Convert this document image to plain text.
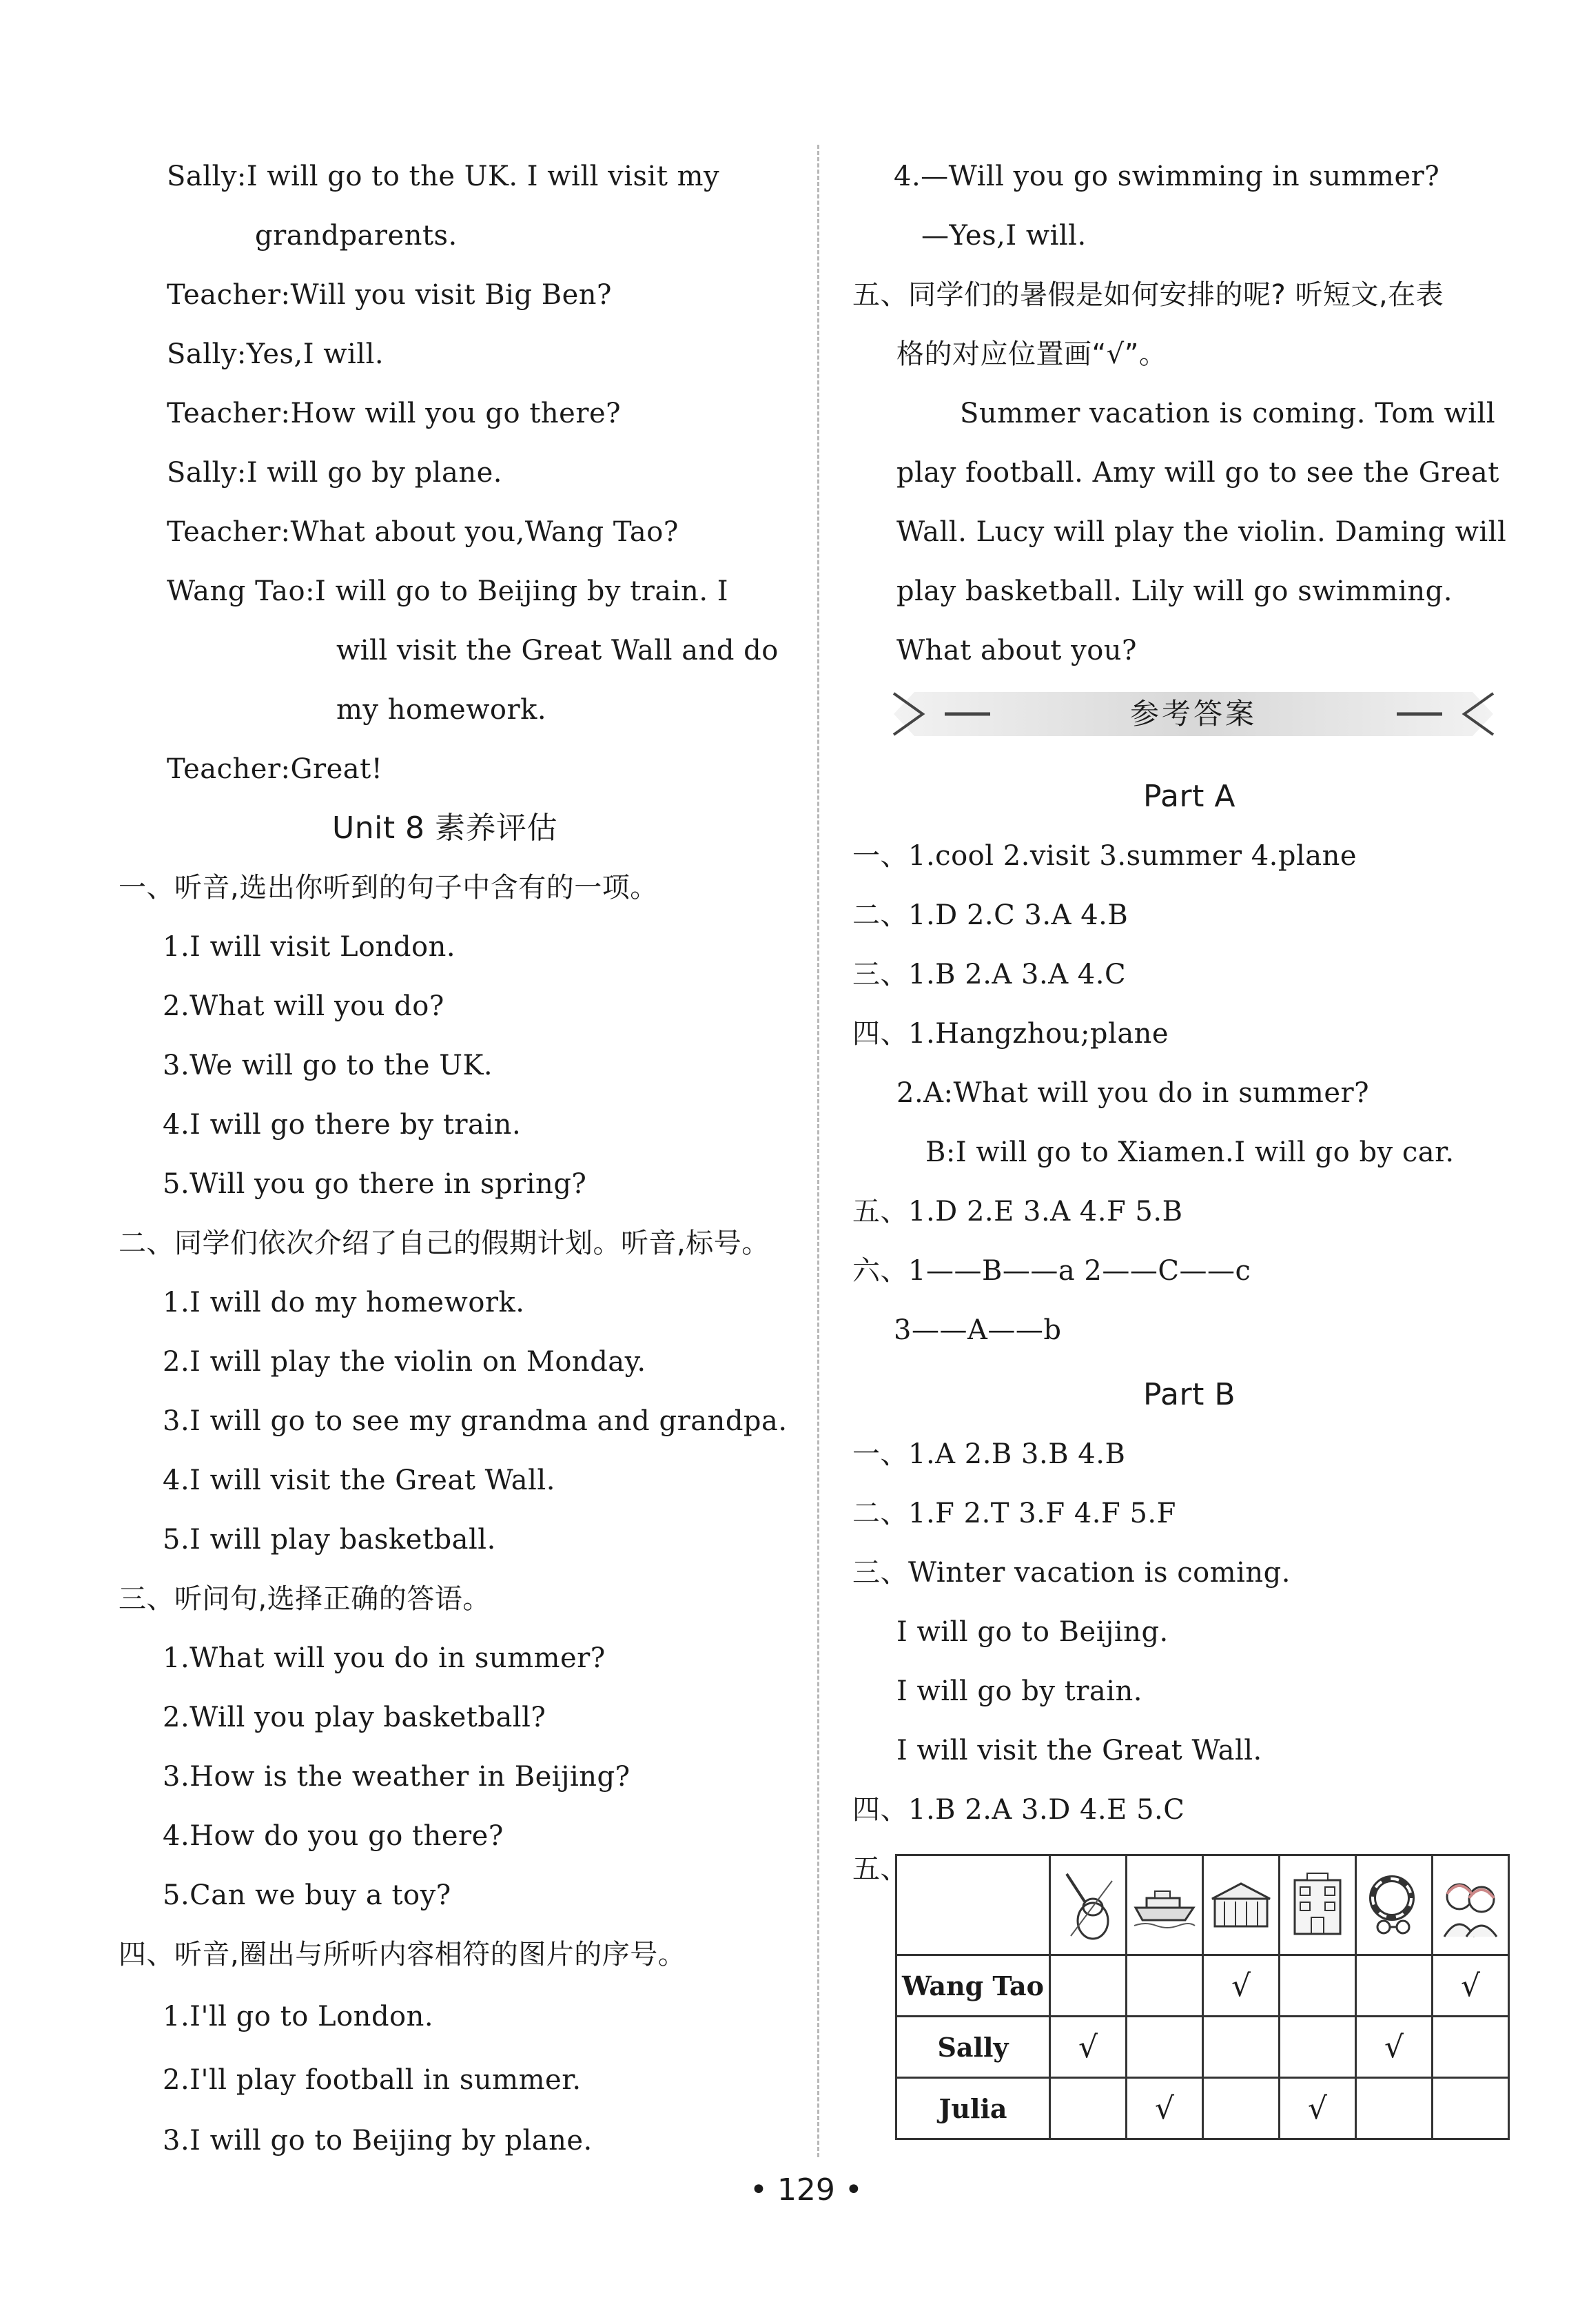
Sally:I will go to the UK. I will visit my
grandparents.
Teacher:Will you visit Big Ben?
Sally:Yes,I will.
Teacher:How will you go there?
Sally:I will go by plane.
Teacher:What about you,Wang Tao?
Wang Tao:I will go to Beijing by train. I
will visit the Great Wall and do
my homework.
Teacher:Great!
Unit 8 素养评估
一、听音,选出你听到的句子中含有的一项。
1.I will visit London.
2.What will you do?
3.We will go to the UK.
4.I will go there by train.
5.Will you go there in spring?
二、同学们依次介绍了自己的假期计划。听音,标号。
1.I will do my homework.
2.I will play the violin on Monday.
3.I will go to see my grandma and grandpa.
4.I will visit the Great Wall.
5.I will play basketball.
三、听问句,选择正确的答语。
1.What will you do in summer?
2.Will you play basketball?
3.How is the weather in Beijing?
4.How do you go there?
5.Can we buy a toy?
四、听音,圈出与所听内容相符的图片的序号。
1.I'll go to London.
2.I'll play football in summer.
3.I will go to Beijing by plane.
4.—Will you go swimming in summer?
—Yes,I will.
五、同学们的暑假是如何安排的呢? 听短文,在表
格的对应位置画“√”。
Summer vacation is coming. Tom will
play football. Amy will go to see the Great
Wall. Lucy will play the violin. Daming will
play basketball. Lily will go swimming.
What about you?
参考答案
Part A
一、1.cool 2.visit 3.summer 4.plane
二、1.D 2.C 3.A 4.B
三、1.B 2.A 3.A 4.C
四、1.Hangzhou;plane
2.A:What will you do in summer?
B:I will go to Xiamen.I will go by car.
五、1.D 2.E 3.A 4.F 5.B
六、1——B——a 2——C——c
3——A——b
Part B
一、1.A 2.B 3.B 4.B
二、1.F 2.T 3.F 4.F 5.F
三、Winter vacation is coming.
I will go to Beijing.
I will go by train.
I will visit the Great Wall.
四、1.B 2.A 3.D 4.E 5.C
五、

Wang Tao			√			√
Sally	√				√	
Julia		√		√		
• 129 •
